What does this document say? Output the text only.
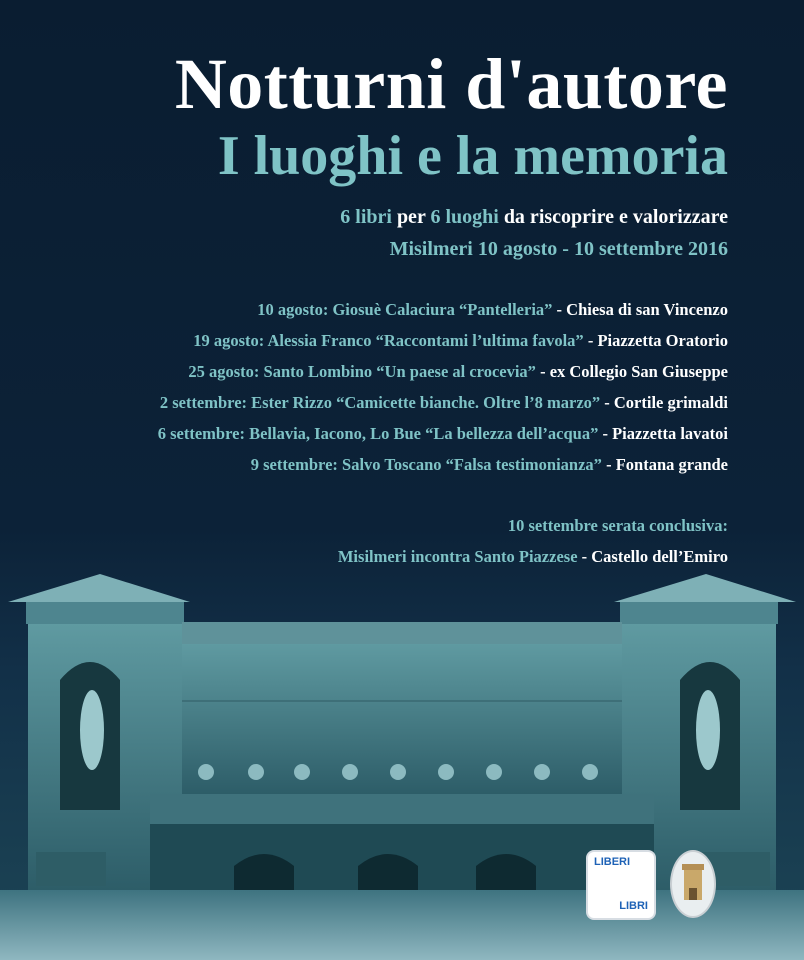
Notturni d'autore
I luoghi e la memoria
6 libri per 6 luoghi da riscoprire e valorizzare
Misilmeri 10 agosto - 10 settembre 2016
10 agosto: Giosuè Calaciura “Pantelleria” - Chiesa di san Vincenzo
19 agosto: Alessia Franco “Raccontami l’ultima favola” - Piazzetta Oratorio
25 agosto: Santo Lombino “Un paese al crocevia” - ex Collegio San Giuseppe
2 settembre: Ester Rizzo “Camicette bianche. Oltre l’8 marzo” - Cortile grimaldi
6 settembre: Bellavia, Iacono, Lo Bue “La bellezza dell’acqua” - Piazzetta lavatoi
9 settembre: Salvo Toscano “Falsa testimonianza” - Fontana grande
10 settembre serata conclusiva:
Misilmeri incontra Santo Piazzese - Castello dell’Emiro
LIBERI
LIBRI
